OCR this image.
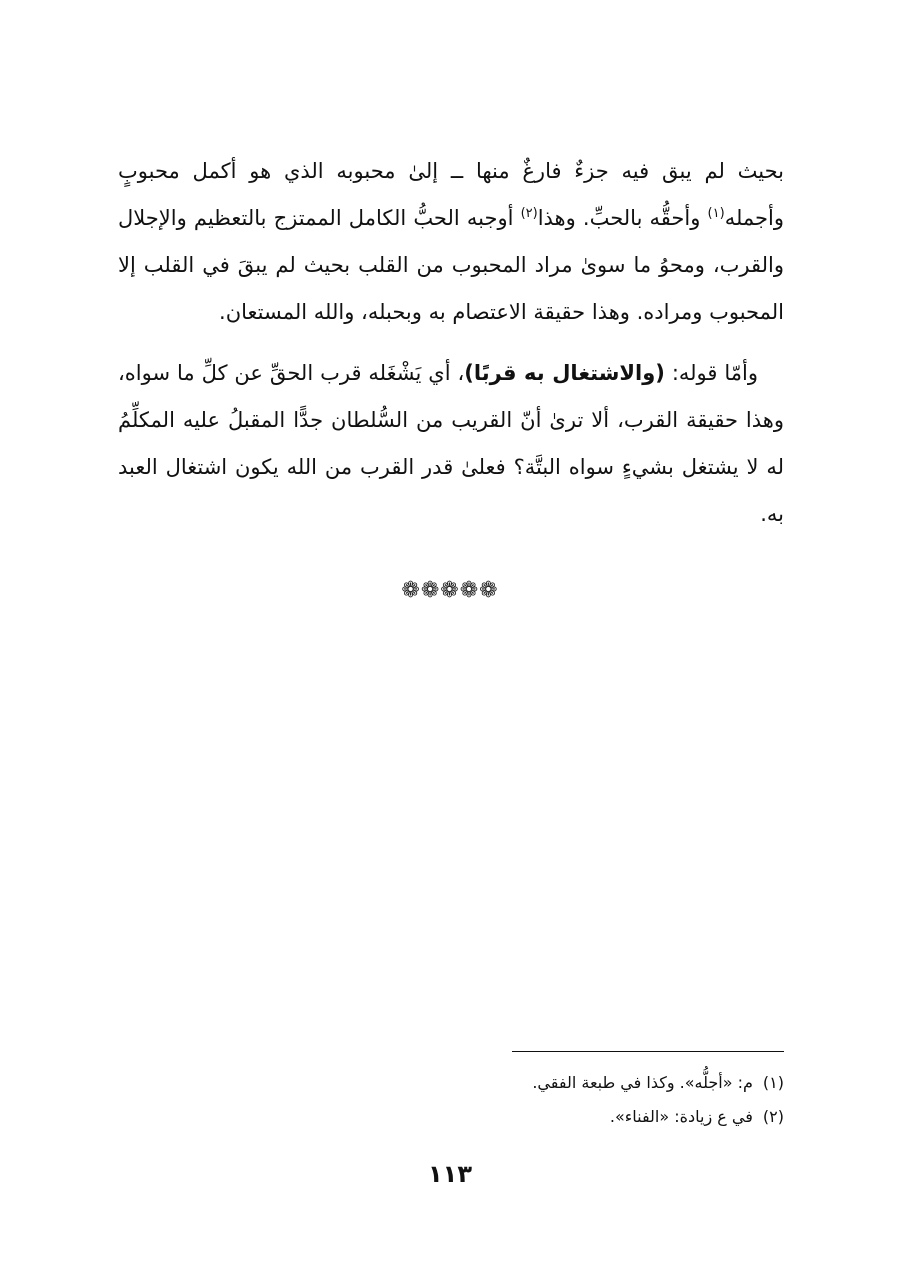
بحيث لم يبق فيه جزءٌ فارغٌ منها ــ إلىٰ محبوبه الذي هو أكمل محبوبٍ وأجمله$^{(١)}$ وأحقُّه بالحبِّ. وهذا$^{(٢)}$ أوجبه الحبُّ الكامل الممتزج بالتعظيم والإجلال والقرب، ومحوُ ما سوىٰ مراد المحبوب من القلب بحيث لم يبقَ في القلب إلا المحبوب ومراده. وهذا حقيقة الاعتصام به وبحبله، والله المستعان.

وأمّا قوله: (والاشتغال به قربًا)، أي يَشْغَله قرب الحقِّ عن كلِّ ما سواه، وهذا حقيقة القرب، ألا ترىٰ أنّ القريب من السُّلطان جدًّا المقبلُ عليه المكلِّمُ له لا يشتغل بشيءٍ سواه البتَّة؟ فعلىٰ قدر القرب من الله يكون اشتغال العبد به.

❁❁❁❁❁
(١)م: «أجلُّه». وكذا في طبعة الفقي.
(٢)في ع زيادة: «الفناء».
١١٣
